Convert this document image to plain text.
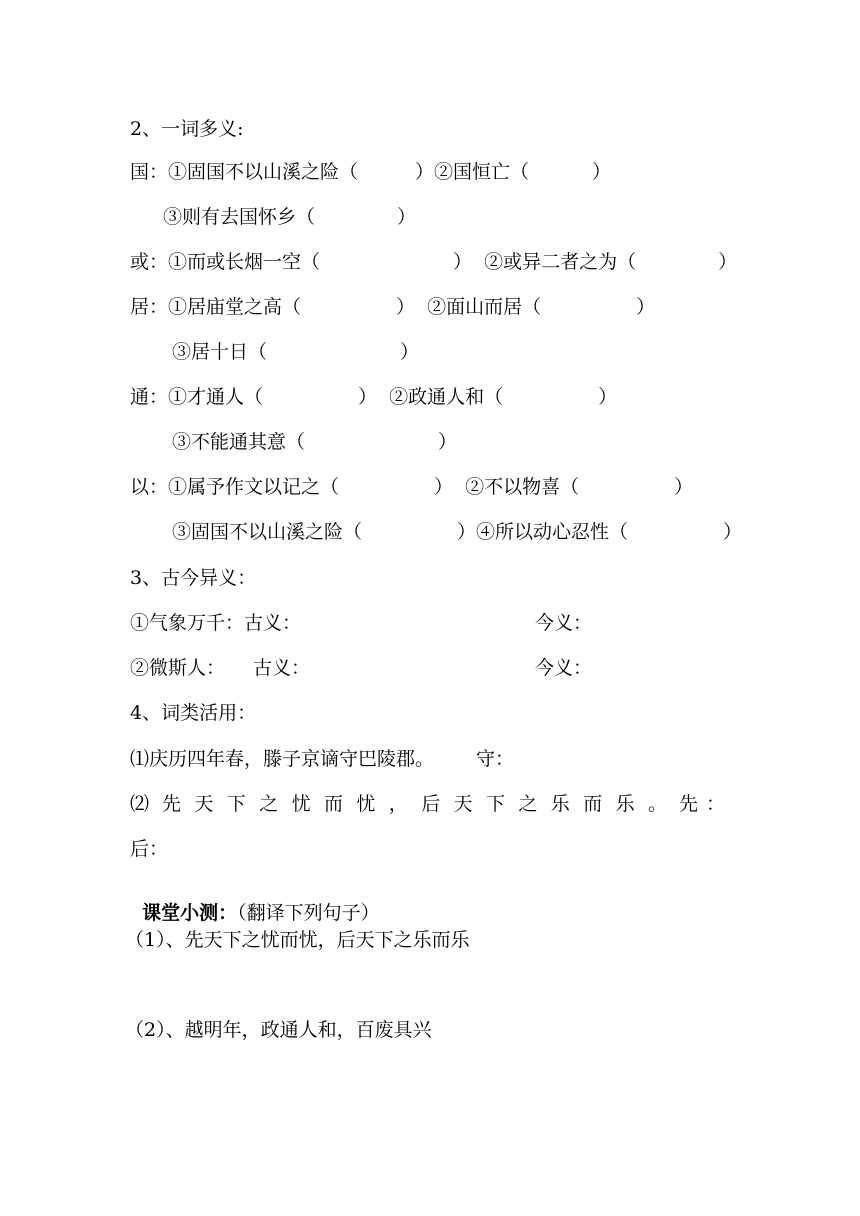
2、一词多义:
国：①固国不以山溪之险（　　　）②国恒亡（　　　 ）
③则有去国怀乡（　　　　 ）
或：①而或长烟一空（　　　　　　　）  ②或异二者之为（　　　　 ）
居：①居庙堂之高（　　　　　）  ②面山而居（　　　　　）
③居十日（　　　　　　　）
通：①才通人（　　　　　）  ②政通人和（　　　　　）
③不能通其意（　　　　　　　）
以：①属予作文以记之（　　　　　）  ②不以物喜（　　　　　）
③固国不以山溪之险（　　　　　）④所以动心忍性（　　　　　）
3、古今异义：
①气象万千：古义：	今义：
②微斯人： 古义：	今义：
4、词类活用：
⑴庆历四年春，滕子京谪守巴陵郡。 守：
⑵	先 ：
先 天 下 之 忧 而 忧 ， 后 天 下 之 乐 而 乐 。
后：

课堂小测：（翻译下列句子）

（1）、先天下之忧而忧，后天下之乐而乐
（2）、越明年，政通人和，百废具兴
